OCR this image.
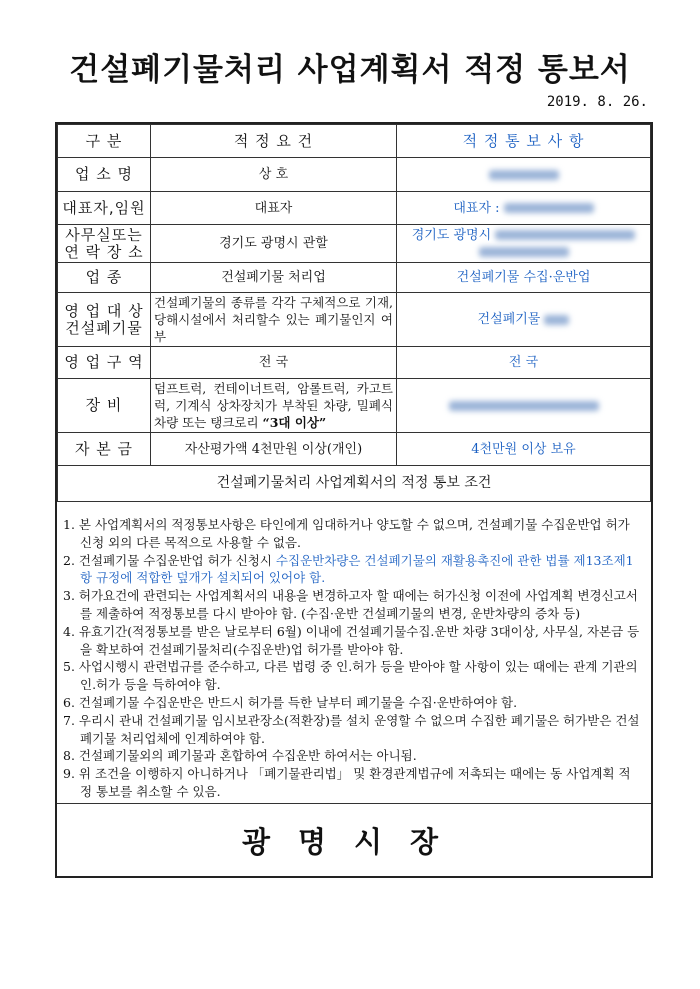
건설폐기물처리 사업계획서 적정 통보서
2019. 8. 26.
구 분	적 정 요 건	적 정 통 보 사 항
업 소 명	상 호	
대표자,임원	대표자	대표자 :
사무실또는 연 락 장 소	경기도 광명시 관할	경기도 광명시

업 종	건설폐기물 처리업	건설폐기물 수집·운반업
영 업 대 상 건설폐기물	건설폐기물의 종류를 각각 구체적으로 기재, 당해시설에서 처리할수 있는 폐기물인지 여부	건설폐기물
영 업 구 역	전 국	전 국
장 비	덤프트럭, 컨테이너트럭, 암롤트럭, 카고트럭, 기계식 상차장치가 부착된 차량, 밀폐식차량 또는 탱크로리 “3대 이상”	
자 본 금	자산평가액 4천만원 이상(개인)	4천만원 이상 보유
건설폐기물처리 사업계획서의 적정 통보 조건		
1. 본 사업계획서의 적정통보사항은 타인에게 임대하거나 양도할 수 없으며, 건설폐기물 수집운반업 허가신청 외의 다른 목적으로 사용할 수 없음.
2. 건설폐기물 수집운반업 허가 신청시 수집운반차량은 건설폐기물의 재활용촉진에 관한 법률 제13조제1항 규정에 적합한 덮개가 설치되어 있어야 함.
3. 허가요건에 관련되는 사업계획서의 내용을 변경하고자 할 때에는 허가신청 이전에 사업계획 변경신고서를 제출하여 적정통보를 다시 받아야 함. (수집·운반 건설폐기물의 변경, 운반차량의 증차 등)
4. 유효기간(적정통보를 받은 날로부터 6월) 이내에 건설폐기물수집.운반 차량 3대이상, 사무실, 자본금 등을 확보하여 건설폐기물처리(수집운반)업 허가를 받아야 함.
5. 사업시행시 관련법규를 준수하고, 다른 법령 중 인.허가 등을 받아야 할 사항이 있는 때에는 관계 기관의 인.허가 등을 득하여야 함.
6. 건설폐기물 수집운반은 반드시 허가를 득한 날부터 폐기물을 수집·운반하여야 함.
7. 우리시 관내 건설폐기물 임시보관장소(적환장)를 설치 운영할 수 없으며 수집한 폐기물은 허가받은 건설폐기물 처리업체에 인계하여야 함.
8. 건설폐기물외의 폐기물과 혼합하여 수집운반 하여서는 아니됨.
9. 위 조건을 이행하지 아니하거나 「폐기물관리법」 및 환경관계법규에 저촉되는 때에는 동 사업계획 적정 통보를 취소할 수 있음.
광명시장
